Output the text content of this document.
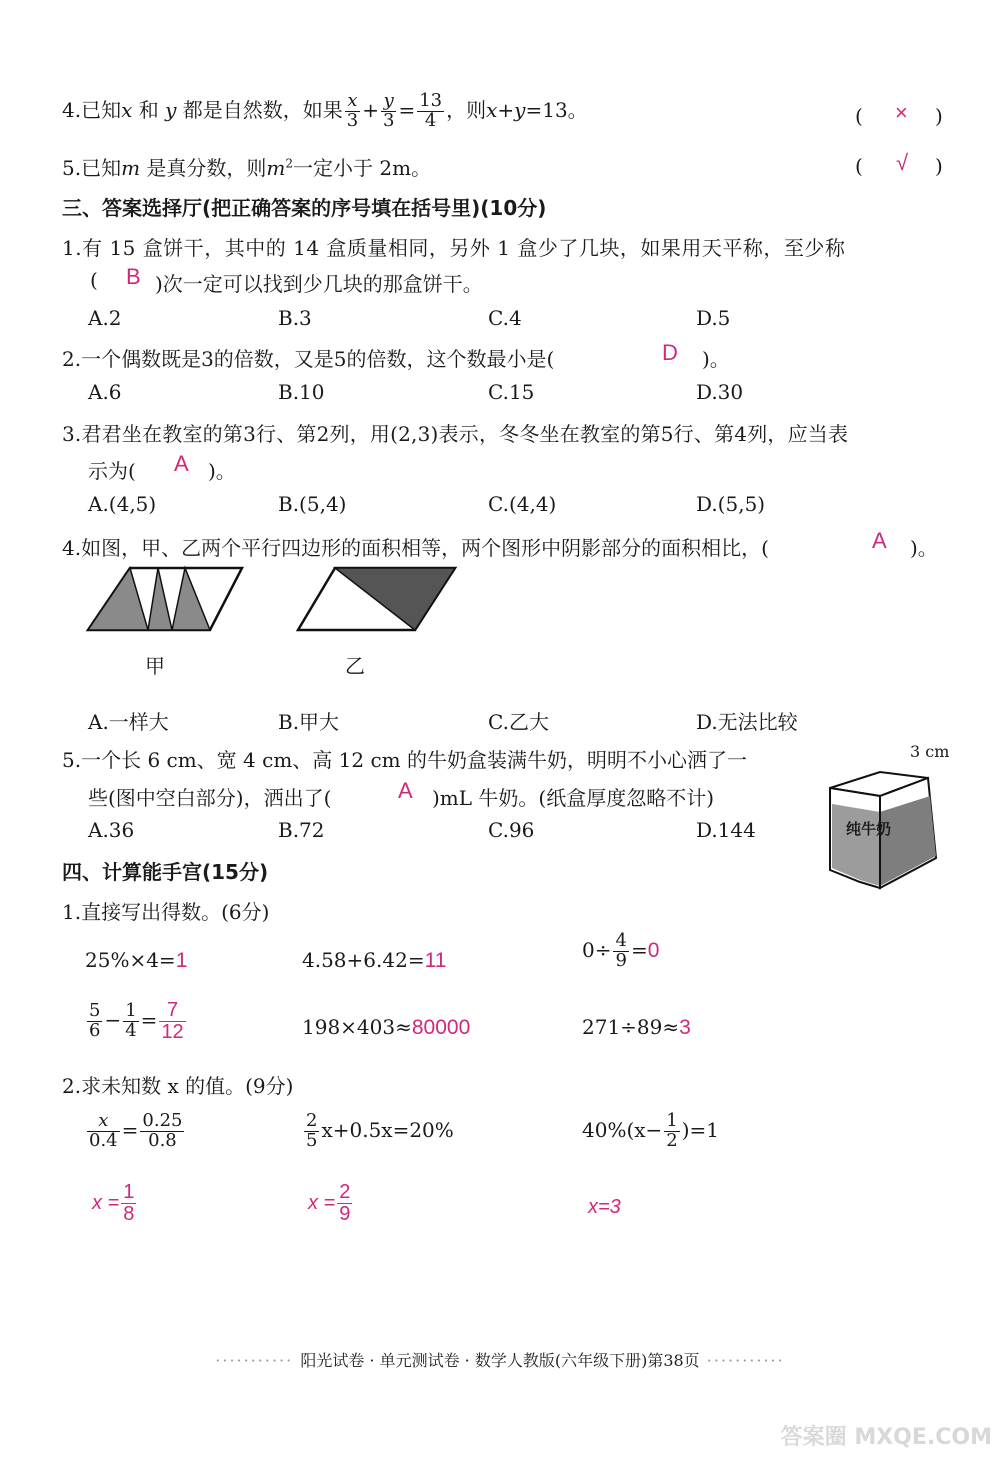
4.已知x 和 y 都是自然数，如果 $\frac{x}{3} + \frac{y}{3} = \frac{13}{4}$ ，则x+y=13。	( × )
5.已知m 是真分数，则$m^2$一定小于 2m。	( √ )
三、答案选择厅(把正确答案的序号填在括号里)(10分)
1.有 15 盒饼干，其中的 14 盒质量相同，另外 1 盒少了几块，如果用天平称，至少称
( B )次一定可以找到少几块的那盒饼干。
A.2	B.3	C.4	D.5
2.一个偶数既是3的倍数，又是5的倍数，这个数最小是(	D )。
A.6	B.10	C.15	D.30
3.君君坐在教室的第3行、第2列，用(2,3)表示，冬冬坐在教室的第5行、第4列，应当表
示为( A )。
A.(4,5)	B.(5,4)	C.(4,4)	D.(5,5)
4.如图，甲、乙两个平行四边形的面积相等，两个图形中阴影部分的面积相比，(	A )。
甲	乙
A.一样大	B.甲大	C.乙大	D.无法比较
5.一个长 6 cm、宽 4 cm、高 12 cm 的牛奶盒装满牛奶，明明不小心洒了一
些(图中空白部分)，洒出了(	A )mL 牛奶。(纸盒厚度忽略不计)
A.36	B.72	C.96	D.144	纯牛奶
3 cm
四、计算能手宫(15分)
1.直接写出得数。(6分)
25%×4=1	4.58+6.42=11	$0\div \frac{4}{9} =0$
$\frac{5}{6} - \frac{1}{4} = \frac{7}{12}$	198×403≈80000	271÷89≈3
2.求未知数 x 的值。(9分)
$\frac{x}{0.4} = \frac{0.25}{0.8}$	$\frac{2}{5} x+0.5x=20\%$	$40\%(x- \frac{1}{2} )=1$
$x = \frac{1}{8}$	$x = \frac{2}{9}$	x=3
··········· 阳光试卷 · 单元测试卷 · 数学人教版(六年级下册)第38页 ···········
答案圈 MXQE.COM
